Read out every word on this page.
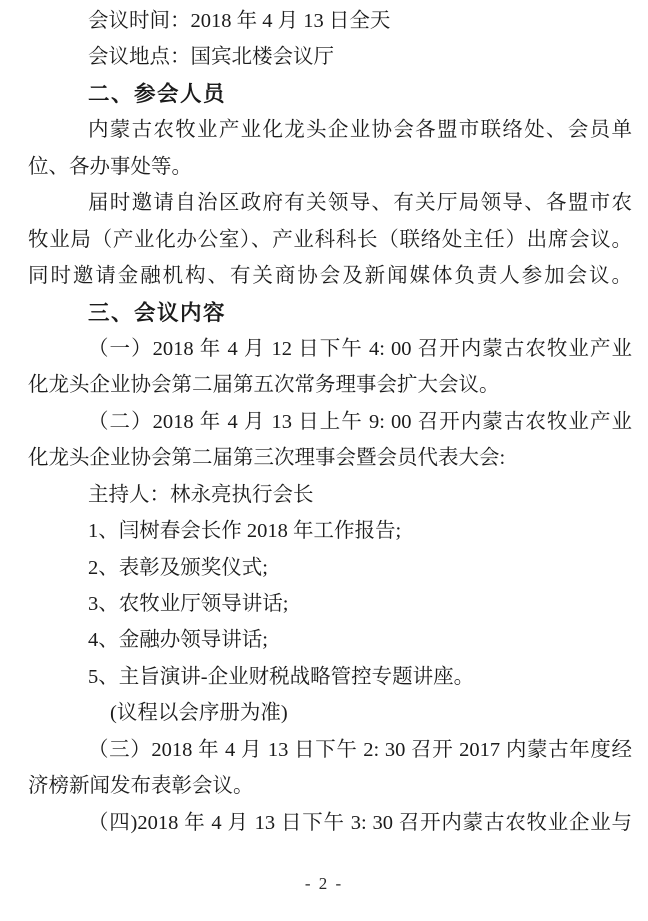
会议时间：2018 年 4 月 13 日全天
会议地点：国宾北楼会议厅
二、参会人员
内蒙古农牧业产业化龙头企业协会各盟市联络处、会员单
位、各办事处等。
届时邀请自治区政府有关领导、有关厅局领导、各盟市农
牧业局（产业化办公室）、产业科科长（联络处主任）出席会议。
同时邀请金融机构、有关商协会及新闻媒体负责人参加会议。
三、会议内容
（一）2018 年 4 月 12 日下午 4: 00 召开内蒙古农牧业产业
化龙头企业协会第二届第五次常务理事会扩大会议。
（二）2018 年 4 月 13 日上午 9: 00 召开内蒙古农牧业产业
化龙头企业协会第二届第三次理事会暨会员代表大会:
主持人：林永亮执行会长
1、闫树春会长作 2018 年工作报告;
2、表彰及颁奖仪式;
3、农牧业厅领导讲话;
4、金融办领导讲话;
5、主旨演讲-企业财税战略管控专题讲座。
(议程以会序册为准)
（三）2018 年 4 月 13 日下午 2: 30 召开 2017 内蒙古年度经
济榜新闻发布表彰会议。
（四)2018 年 4 月 13 日下午 3: 30 召开内蒙古农牧业企业与
- 2 -
